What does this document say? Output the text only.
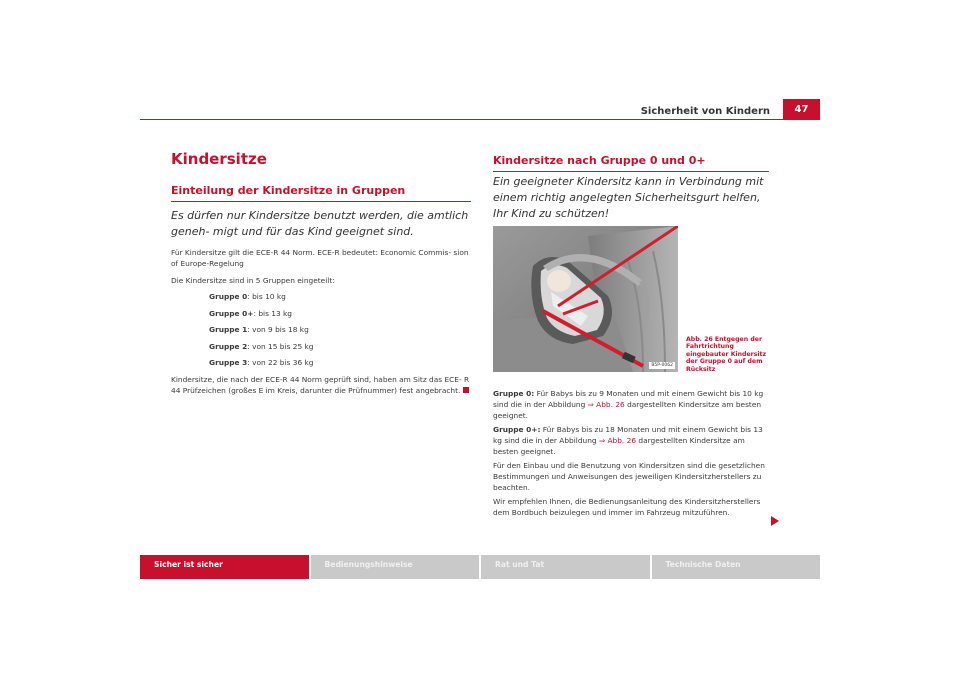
Sicherheit von Kindern	47
Kindersitze
Einteilung der Kindersitze in Gruppen
Es dürfen nur Kindersitze benutzt werden, die amtlich geneh- migt und für das Kind geeignet sind.

Für Kindersitze gilt die ECE-R 44 Norm. ECE-R bedeutet: Economic Commis- sion of Europe-Regelung

Die Kindersitze sind in 5 Gruppen eingeteilt:

Gruppe 0: bis 10 kg
Gruppe 0+: bis 13 kg
Gruppe 1: von 9 bis 18 kg
Gruppe 2: von 15 bis 25 kg
Gruppe 3: von 22 bis 36 kg

Kindersitze, die nach der ECE-R 44 Norm geprüft sind, haben am Sitz das ECE- R 44 Prüfzeichen (großes E im Kreis, darunter die Prüfnummer) fest angebracht.

Kindersitze nach Gruppe 0 und 0+
Ein geeigneter Kindersitz kann in Verbindung mit einem richtig angelegten Sicherheitsgurt helfen, Ihr Kind zu schützen!
B5P-0062
Abb. 26 Entgegen der Fahrtrichtung eingebauter Kindersitz der Gruppe 0 auf dem Rücksitz

Gruppe 0: Für Babys bis zu 9 Monaten und mit einem Gewicht bis 10 kg sind die in der Abbildung ⇒ Abb. 26 dargestellten Kindersitze am besten geeignet.

Gruppe 0+: Für Babys bis zu 18 Monaten und mit einem Gewicht bis 13 kg sind die in der Abbildung ⇒ Abb. 26 dargestellten Kindersitze am besten geeignet.

Für den Einbau und die Benutzung von Kindersitzen sind die gesetzlichen Bestimmungen und Anweisungen des jeweiligen Kindersitzherstellers zu beachten.

Wir empfehlen Ihnen, die Bedienungsanleitung des Kindersitzherstellers dem Bordbuch beizulegen und immer im Fahrzeug mitzuführen.

Sicher ist sicher	Bedienungshinweise	Rat und Tat	Technische Daten
